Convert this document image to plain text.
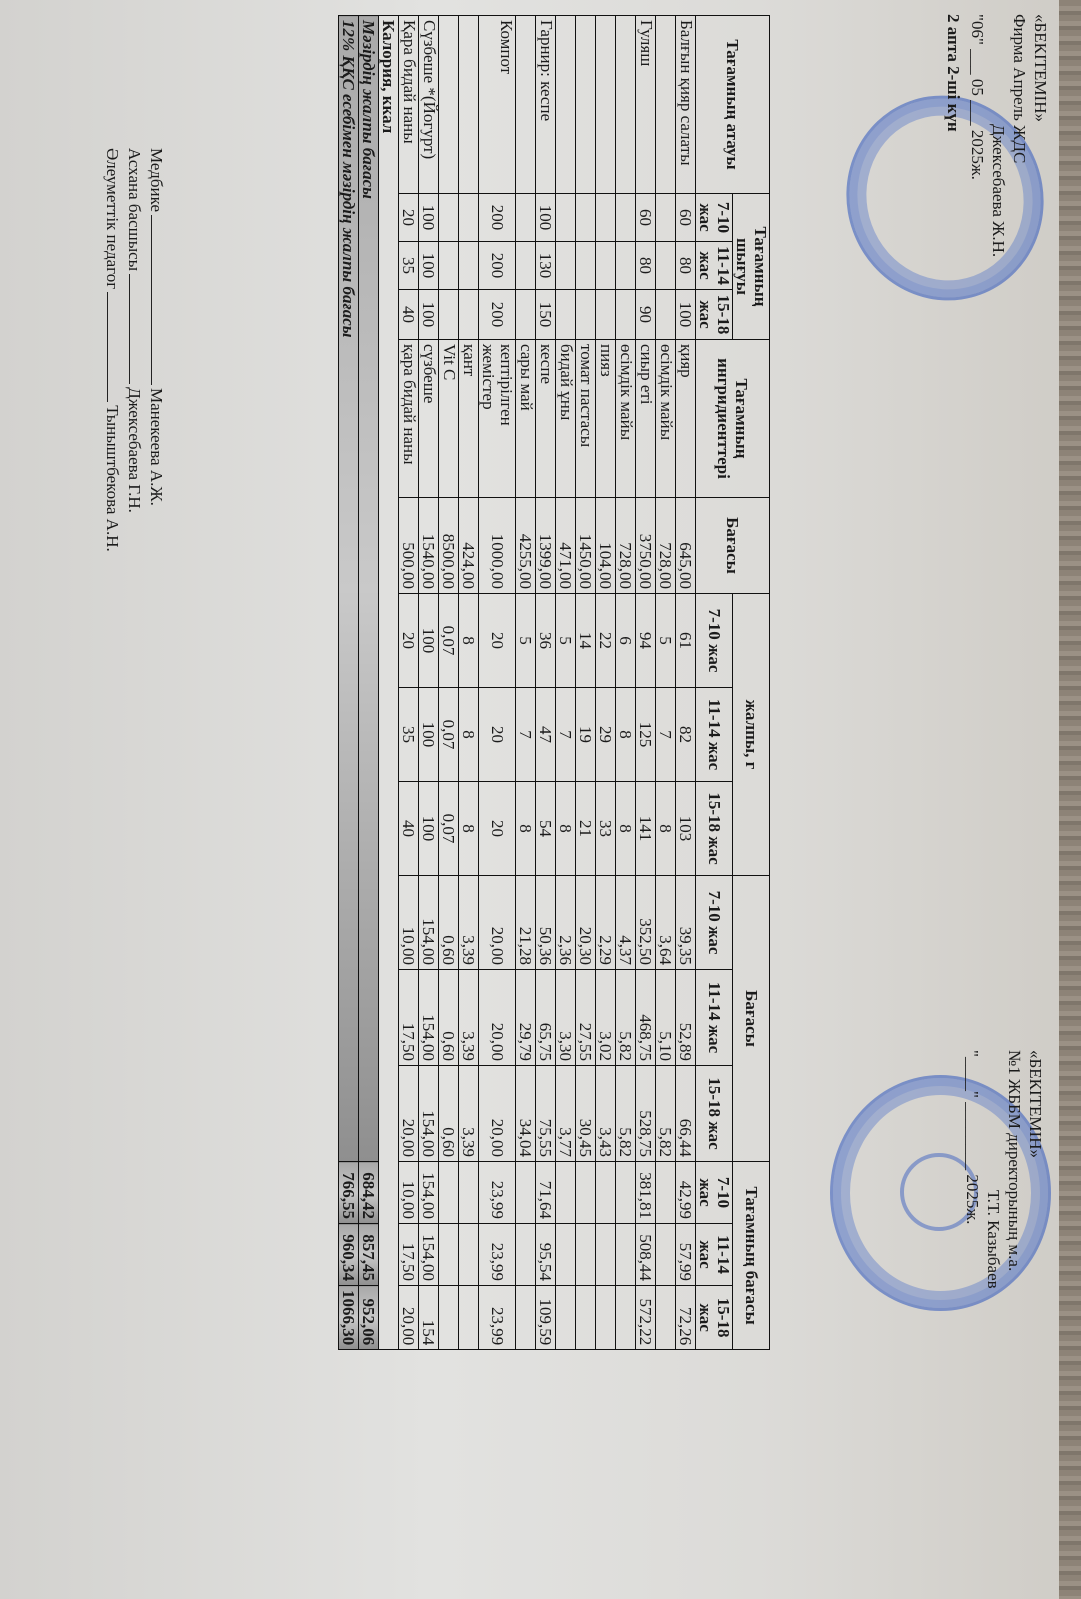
«БЕКІТЕМІН»
Фирма Апрель ЖДС
Джексебаева Ж.Н.
"06" ___ 05 ___ 2025ж.
2 апта 2-ші күн
«БЕКІТЕМІН»
№1 ЖББМ директорының м.а.
Т.Т. Казыбаев
"____" ________ 2025ж.
Тағамның атауы	Тағамның шығуы			Тағамның ингридиенттері	Бағасы	жалпы, г			Бағасы			Тағамның бағасы		
	7-10 жас	11-14 жас	15-18 жас			7-10 жас	11-14 жас	15-18 жас	7-10 жас	11-14 жас	15-18 жас	7-10 жас	11-14 жас	15-18 жас
Балғын қияр салаты	60	80	100	қияр	645,00	61	82	103	39,35	52,89	66,44	42,99	57,99	72,26
				өсімдік майы	728,00	5	7	8	3,64	5,10	5,82			
Гуляш	60	80	90	сиыр еті	3750,00	94	125	141	352,50	468,75	528,75	381,81	508,44	572,22
				өсімдік майы	728,00	6	8	8	4,37	5,82	5,82			
				пияз	104,00	22	29	33	2,29	3,02	3,43			
				томат пастасы	1450,00	14	19	21	20,30	27,55	30,45			
				бидай ұны	471,00	5	7	8	2,36	3,30	3,77			
Гарнир: кеспе	100	130	150	кеспе	1399,00	36	47	54	50,36	65,75	75,55	71,64	95,54	109,59
				сары май	4255,00	5	7	8	21,28	29,79	34,04			
Компот	200	200	200	кептірілген жемістер	1000,00	20	20	20	20,00	20,00	20,00	23,99	23,99	23,99
				қант	424,00	8	8	8	3,39	3,39	3,39			
				Vit C	8500,00	0,07	0,07	0,07	0,60	0,60	0,60			
Сүзбеше *(Йогурт)	100	100	100	сүзбеше	1540,00	100	100	100	154,00	154,00	154,00	154,00	154,00	154
Қара бидай наны	20	35	40	қара бидай наны	500,00	20	35	40	10,00	17,50	20,00	10,00	17,50	20,00
Калория, ккал														
Мәзірдің жалпы бағасы												684,42	857,45	952,06
12% ҚҚС есебімен мәзірдің жалпы бағасы												766,55	960,34	1066,30
МедбикеМанекеева А.Ж.
Асхана басшысыДжексебаева Г.Н.
Әлеуметтік педагогТыныштбекова А.Н.
